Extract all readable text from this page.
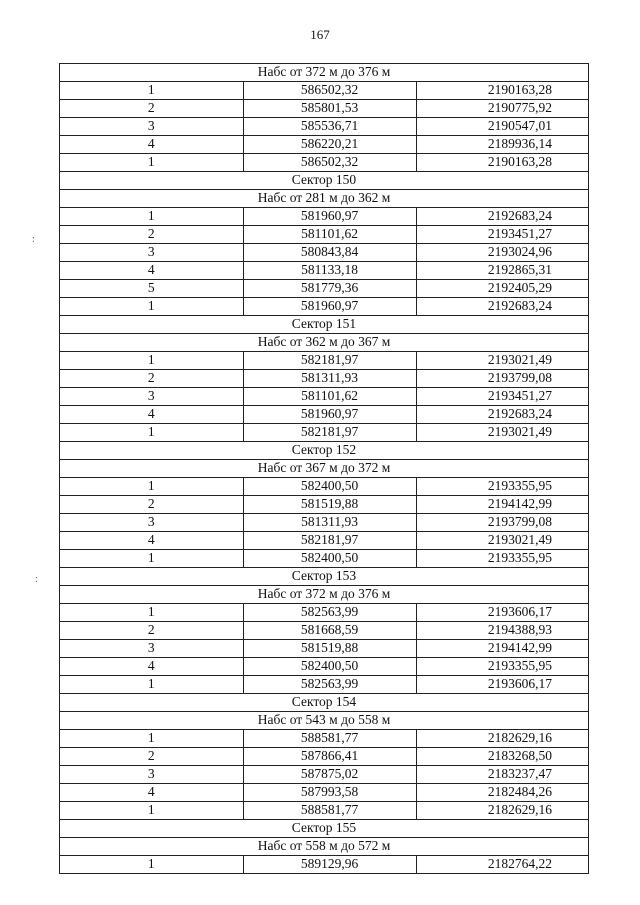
167
:
:
Набс от 372 м до 376 м		
1	586502,32	2190163,28
2	585801,53	2190775,92
3	585536,71	2190547,01
4	586220,21	2189936,14
1	586502,32	2190163,28
Сектор 150		
Набс от 281 м до 362 м		
1	581960,97	2192683,24
2	581101,62	2193451,27
3	580843,84	2193024,96
4	581133,18	2192865,31
5	581779,36	2192405,29
1	581960,97	2192683,24
Сектор 151		
Набс от 362 м до 367 м		
1	582181,97	2193021,49
2	581311,93	2193799,08
3	581101,62	2193451,27
4	581960,97	2192683,24
1	582181,97	2193021,49
Сектор 152		
Набс от 367 м до 372 м		
1	582400,50	2193355,95
2	581519,88	2194142,99
3	581311,93	2193799,08
4	582181,97	2193021,49
1	582400,50	2193355,95
Сектор 153		
Набс от 372 м до 376 м		
1	582563,99	2193606,17
2	581668,59	2194388,93
3	581519,88	2194142,99
4	582400,50	2193355,95
1	582563,99	2193606,17
Сектор 154		
Набс от 543 м до 558 м		
1	588581,77	2182629,16
2	587866,41	2183268,50
3	587875,02	2183237,47
4	587993,58	2182484,26
1	588581,77	2182629,16
Сектор 155		
Набс от 558 м до 572 м		
1	589129,96	2182764,22
